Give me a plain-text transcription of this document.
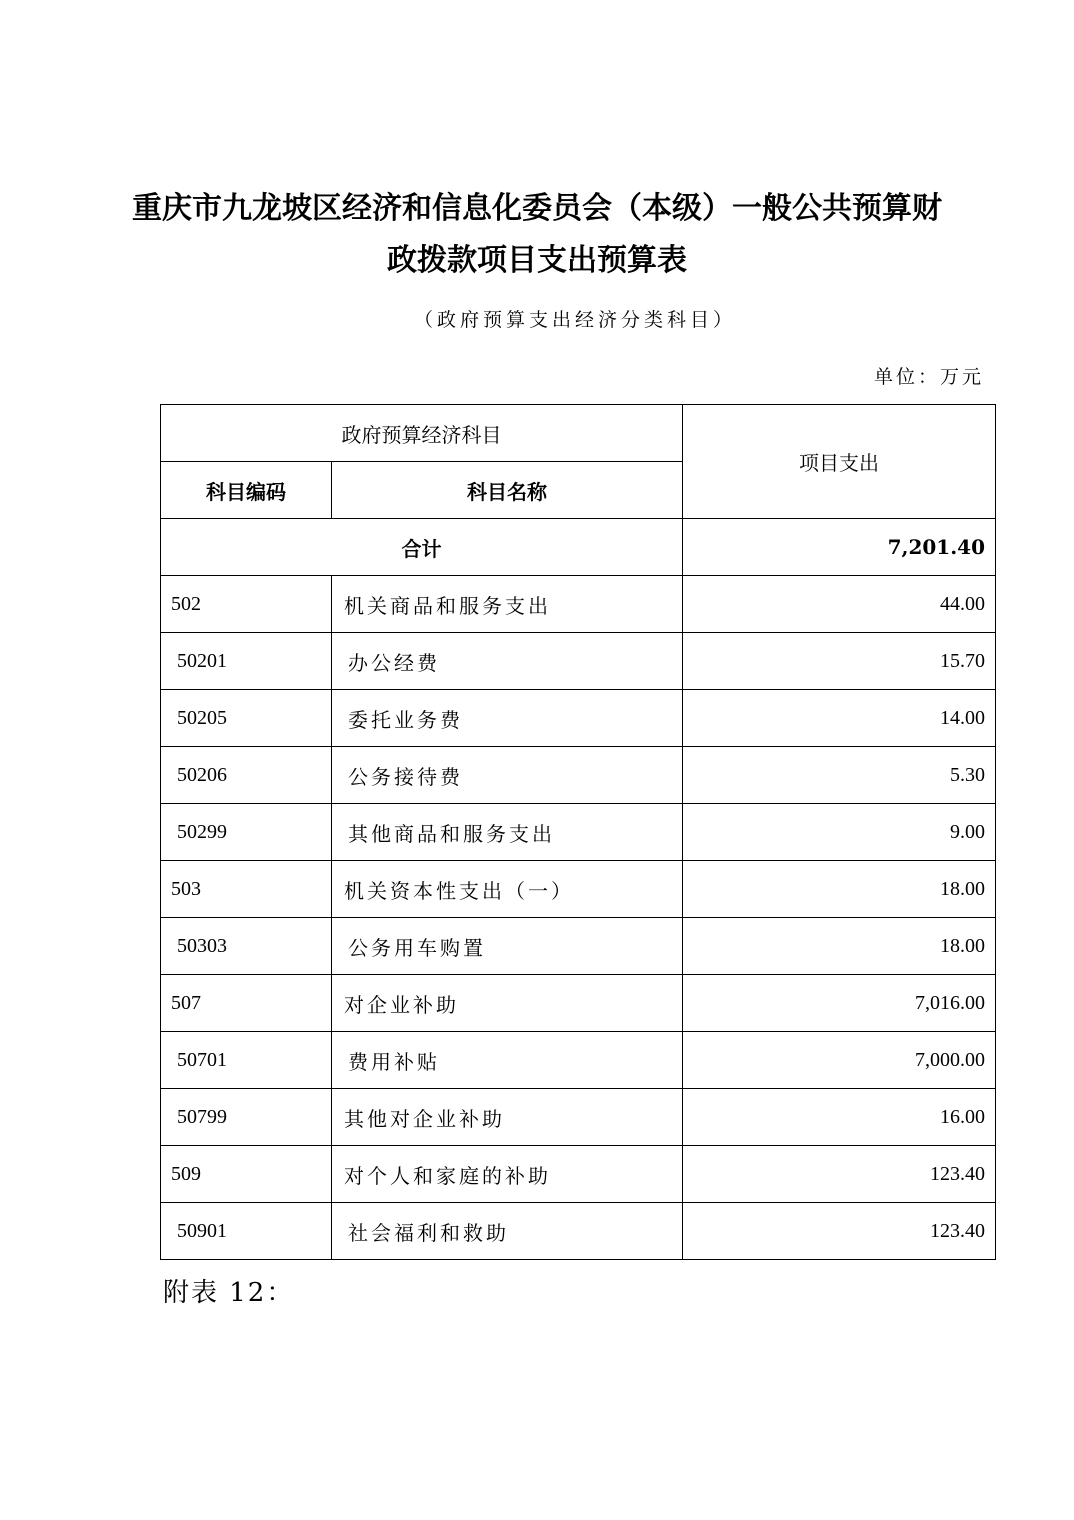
重庆市九龙坡区经济和信息化委员会（本级）一般公共预算财
政拨款项目支出预算表
（政府预算支出经济分类科目）
单位：万元
政府预算经济科目		项目支出
科目编码	科目名称	
合计		7,201.40
502	机关商品和服务支出	44.00
50201	办公经费	15.70
50205	委托业务费	14.00
50206	公务接待费	5.30
50299	其他商品和服务支出	9.00
503	机关资本性支出（一）	18.00
50303	公务用车购置	18.00
507	对企业补助	7,016.00
50701	费用补贴	7,000.00
50799	其他对企业补助	16.00
509	对个人和家庭的补助	123.40
50901	社会福利和救助	123.40
附表 12：
